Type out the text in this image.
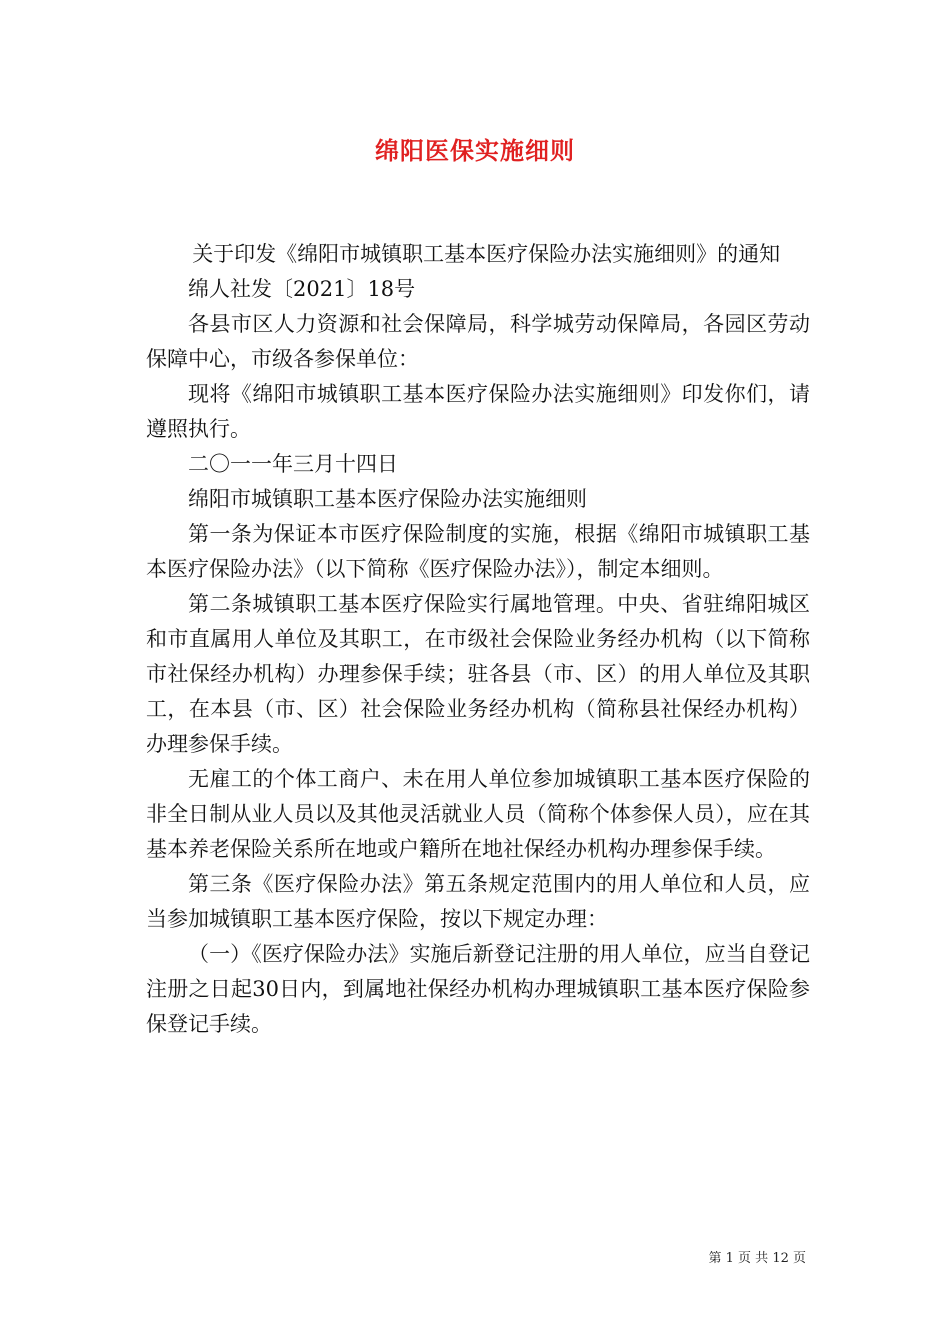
绵阳医保实施细则

关于印发《绵阳市城镇职工基本医疗保险办法实施细则》的通知

绵人社发〔2021〕18号

各县市区人力资源和社会保障局，科学城劳动保障局，各园区劳动保障中心，市级各参保单位：

现将《绵阳市城镇职工基本医疗保险办法实施细则》印发你们，请遵照执行。

二〇一一年三月十四日

绵阳市城镇职工基本医疗保险办法实施细则

第一条为保证本市医疗保险制度的实施，根据《绵阳市城镇职工基本医疗保险办法》（以下简称《医疗保险办法》），制定本细则。

第二条城镇职工基本医疗保险实行属地管理。中央、省驻绵阳城区和市直属用人单位及其职工，在市级社会保险业务经办机构（以下简称市社保经办机构）办理参保手续；驻各县（市、区）的用人单位及其职工，在本县（市、区）社会保险业务经办机构（简称县社保经办机构）办理参保手续。

无雇工的个体工商户、未在用人单位参加城镇职工基本医疗保险的非全日制从业人员以及其他灵活就业人员（简称个体参保人员），应在其基本养老保险关系所在地或户籍所在地社保经办机构办理参保手续。

第三条《医疗保险办法》第五条规定范围内的用人单位和人员，应当参加城镇职工基本医疗保险，按以下规定办理：

（一）《医疗保险办法》实施后新登记注册的用人单位，应当自登记注册之日起30日内，到属地社保经办机构办理城镇职工基本医疗保险参保登记手续。

第 1 页 共 12 页
